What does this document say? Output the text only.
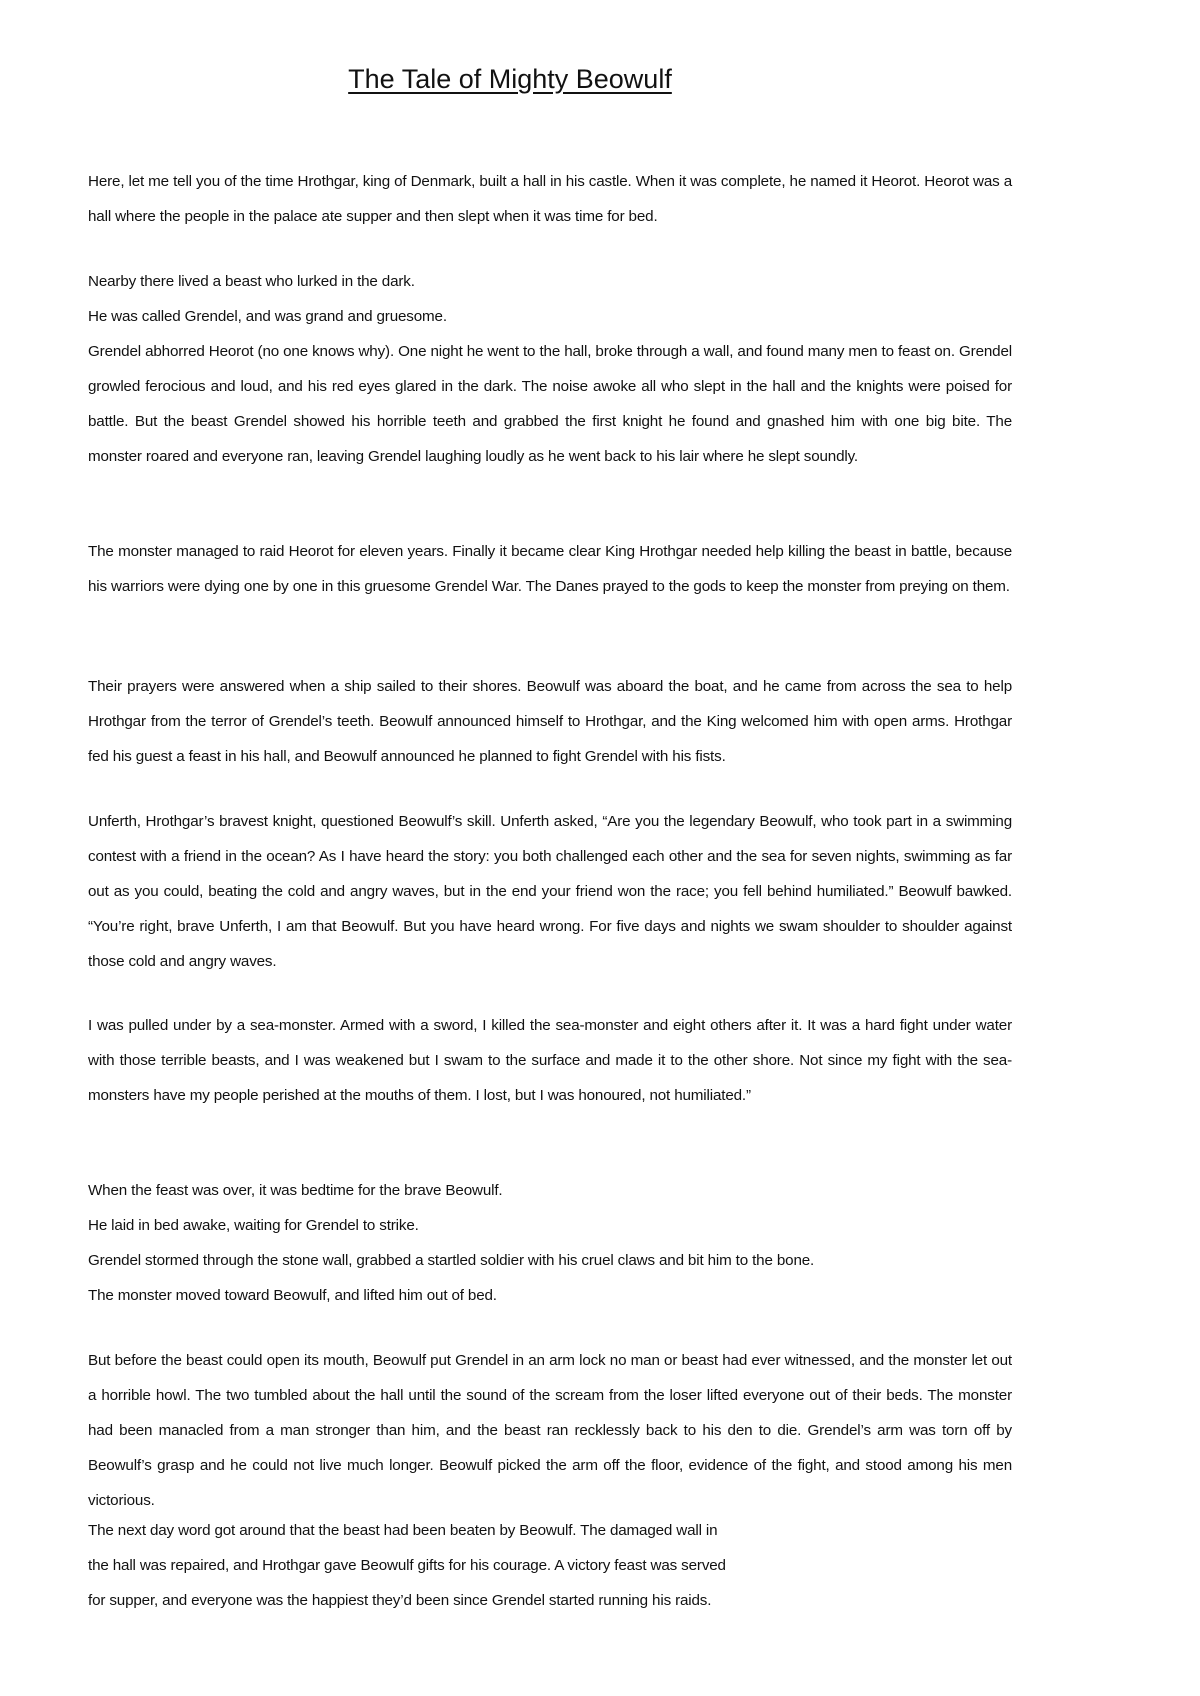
The Tale of Mighty Beowulf

Here, let me tell you of the time Hrothgar, king of Denmark, built a hall in his castle. When it was complete, he named it Heorot. Heorot was a hall where the people in the palace ate supper and then slept when it was time for bed.

Nearby there lived a beast who lurked in the dark.
He was called Grendel, and was grand and gruesome.

Grendel abhorred Heorot (no one knows why). One night he went to the hall, broke through a wall, and found many men to feast on. Grendel growled ferocious and loud, and his red eyes glared in the dark. The noise awoke all who slept in the hall and the knights were poised for battle. But the beast Grendel showed his horrible teeth and grabbed the first knight he found and gnashed him with one big bite. The monster roared and everyone ran, leaving Grendel laughing loudly as he went back to his lair where he slept soundly.

The monster managed to raid Heorot for eleven years. Finally it became clear King Hrothgar needed help killing the beast in battle, because his warriors were dying one by one in this gruesome Grendel War. The Danes prayed to the gods to keep the monster from preying on them.

Their prayers were answered when a ship sailed to their shores. Beowulf was aboard the boat, and he came from across the sea to help Hrothgar from the terror of Grendel’s teeth. Beowulf announced himself to Hrothgar, and the King welcomed him with open arms. Hrothgar fed his guest a feast in his hall, and Beowulf announced he planned to fight Grendel with his fists.

Unferth, Hrothgar’s bravest knight, questioned Beowulf’s skill. Unferth asked, “Are you the legendary Beowulf, who took part in a swimming contest with a friend in the ocean? As I have heard the story: you both challenged each other and the sea for seven nights, swimming as far out as you could, beating the cold and angry waves, but in the end your friend won the race; you fell behind humiliated.” Beowulf bawked. “You’re right, brave Unferth, I am that Beowulf. But you have heard wrong. For five days and nights we swam shoulder to shoulder against those cold and angry waves.

I was pulled under by a sea-monster. Armed with a sword, I killed the sea-monster and eight others after it. It was a hard fight under water with those terrible beasts, and I was weakened but I swam to the surface and made it to the other shore. Not since my fight with the sea-monsters have my people perished at the mouths of them. I lost, but I was honoured, not humiliated.”

When the feast was over, it was bedtime for the brave Beowulf.
He laid in bed awake, waiting for Grendel to strike.
Grendel stormed through the stone wall, grabbed a startled soldier with his cruel claws and bit him to the bone.
The monster moved toward Beowulf, and lifted him out of bed.

But before the beast could open its mouth, Beowulf put Grendel in an arm lock no man or beast had ever witnessed, and the monster let out a horrible howl. The two tumbled about the hall until the sound of the scream from the loser lifted everyone out of their beds. The monster had been manacled from a man stronger than him, and the beast ran recklessly back to his den to die. Grendel’s arm was torn off by Beowulf’s grasp and he could not live much longer. Beowulf picked the arm off the floor, evidence of the fight, and stood among his men victorious.

The next day word got around that the beast had been beaten by Beowulf. The damaged wall in
the hall was repaired, and Hrothgar gave Beowulf gifts for his courage. A victory feast was served
for supper, and everyone was the happiest they’d been since Grendel started running his raids.
